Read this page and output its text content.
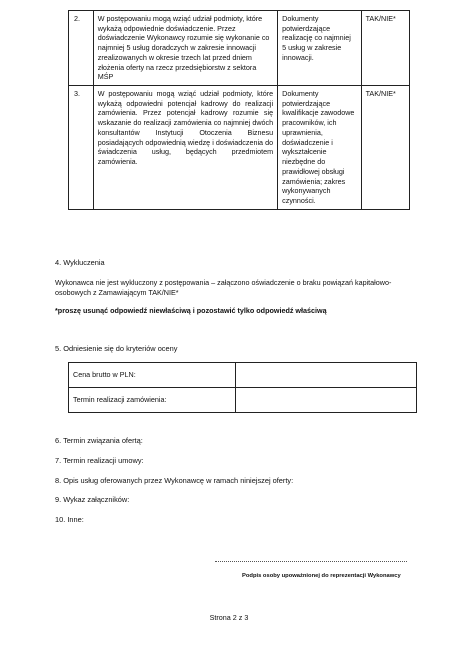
2.	W postępowaniu mogą wziąć udział podmioty, które wykażą odpowiednie doświadczenie. Przez doświadczenie Wykonawcy rozumie się wykonanie co najmniej 5 usług doradczych w zakresie innowacji zrealizowanych w okresie trzech lat przed dniem złożenia oferty na rzecz przedsiębiorstw z sektora MŚP	Dokumenty potwierdzające realizację co najmniej 5 usług w zakresie innowacji.	TAK/NIE*
3.	W postępowaniu mogą wziąć udział podmioty, które wykażą odpowiedni potencjał kadrowy do realizacji zamówienia. Przez potencjał kadrowy rozumie się wskazanie do realizacji zamówienia co najmniej dwóch konsultantów Instytucji Otoczenia Biznesu posiadających odpowiednią wiedzę i doświadczenia do świadczenia usług, będących przedmiotem zamówienia.	Dokumenty potwierdzające kwalifikacje zawodowe pracowników, ich uprawnienia, doświadczenie i wykształcenie niezbędne do prawidłowej obsługi zamówienia; zakres wykonywanych czynności.	TAK/NIE*
4. Wykluczenia
Wykonawca nie jest wykluczony z postępowania – załączono oświadczenie o braku powiązań kapitałowo-osobowych z Zamawiającym TAK/NIE*
*proszę usunąć odpowiedź niewłaściwą i pozostawić tylko odpowiedź właściwą
5. Odniesienie się do kryteriów oceny
Cena brutto w PLN:	
Termin realizacji zamówienia:	
6. Termin związania ofertą:
7. Termin realizacji umowy:
8. Opis usług oferowanych przez Wykonawcę w ramach niniejszej oferty:
9. Wykaz załączników:
10. Inne:
Podpis osoby upoważnionej do reprezentacji Wykonawcy
Strona 2 z 3
